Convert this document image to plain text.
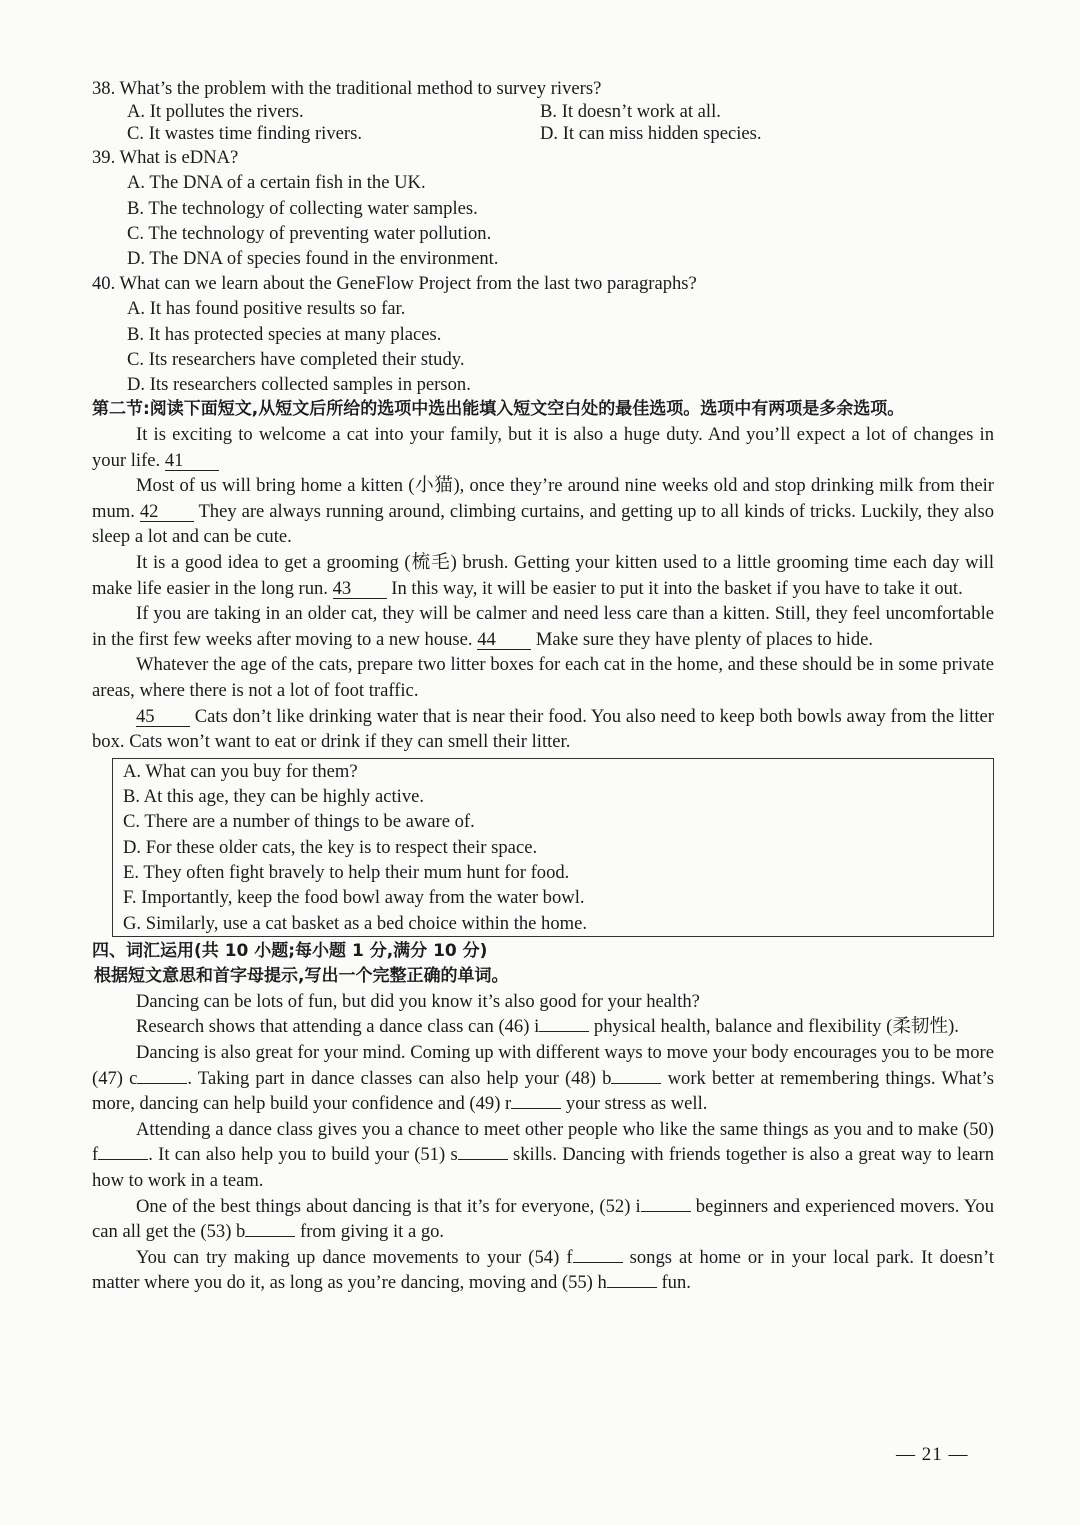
38. What’s the problem with the traditional method to survey rivers?
A. It pollutes the rivers.	B. It doesn’t work at all.
C. It wastes time finding rivers.	D. It can miss hidden species.
39. What is eDNA?
A. The DNA of a certain fish in the UK.
B. The technology of collecting water samples.
C. The technology of preventing water pollution.
D. The DNA of species found in the environment.
40. What can we learn about the GeneFlow Project from the last two paragraphs?
A. It has found positive results so far.
B. It has protected species at many places.
C. Its researchers have completed their study.
D. Its researchers collected samples in person.

第二节:阅读下面短文,从短文后所给的选项中选出能填入短文空白处的最佳选项。选项中有两项是多余选项。

It is exciting to welcome a cat into your family, but it is also a huge duty. And you’ll expect a lot of changes in your life. 41

Most of us will bring home a kitten (小猫), once they’re around nine weeks old and stop drinking milk from their mum. 42 They are always running around, climbing curtains, and getting up to all kinds of tricks. Luckily, they also sleep a lot and can be cute.

It is a good idea to get a grooming (梳毛) brush. Getting your kitten used to a little grooming time each day will make life easier in the long run. 43 In this way, it will be easier to put it into the basket if you have to take it out.

If you are taking in an older cat, they will be calmer and need less care than a kitten. Still, they feel uncomfortable in the first few weeks after moving to a new house. 44 Make sure they have plenty of places to hide.

Whatever the age of the cats, prepare two litter boxes for each cat in the home, and these should be in some private areas, where there is not a lot of foot traffic.

45 Cats don’t like drinking water that is near their food. You also need to keep both bowls away from the litter box. Cats won’t want to eat or drink if they can smell their litter.

A. What can you buy for them?
B. At this age, they can be highly active.
C. There are a number of things to be aware of.
D. For these older cats, the key is to respect their space.
E. They often fight bravely to help their mum hunt for food.
F. Importantly, keep the food bowl away from the water bowl.
G. Similarly, use a cat basket as a bed choice within the home.

四、词汇运用(共 10 小题;每小题 1 分,满分 10 分)

根据短文意思和首字母提示,写出一个完整正确的单词。

Dancing can be lots of fun, but did you know it’s also good for your health?

Research shows that attending a dance class can (46) i	physical health, balance and flexibility (柔韧性).

Dancing is also great for your mind. Coming up with different ways to move your body encourages you to be more (47) c	. Taking part in dance classes can also help your (48) b	work better at remembering things. What’s more, dancing can help build your confidence and (49) r	your stress as well.

Attending a dance class gives you a chance to meet other people who like the same things as you and to make (50) f	. It can also help you to build your (51) s	skills. Dancing with friends together is also a great way to learn how to work in a team.

One of the best things about dancing is that it’s for everyone, (52) i	beginners and experienced movers. You can all get the (53) b	from giving it a go.

You can try making up dance movements to your (54) f	songs at home or in your local park. It doesn’t matter where you do it, as long as you’re dancing, moving and (55) h	fun.

— 21 —
